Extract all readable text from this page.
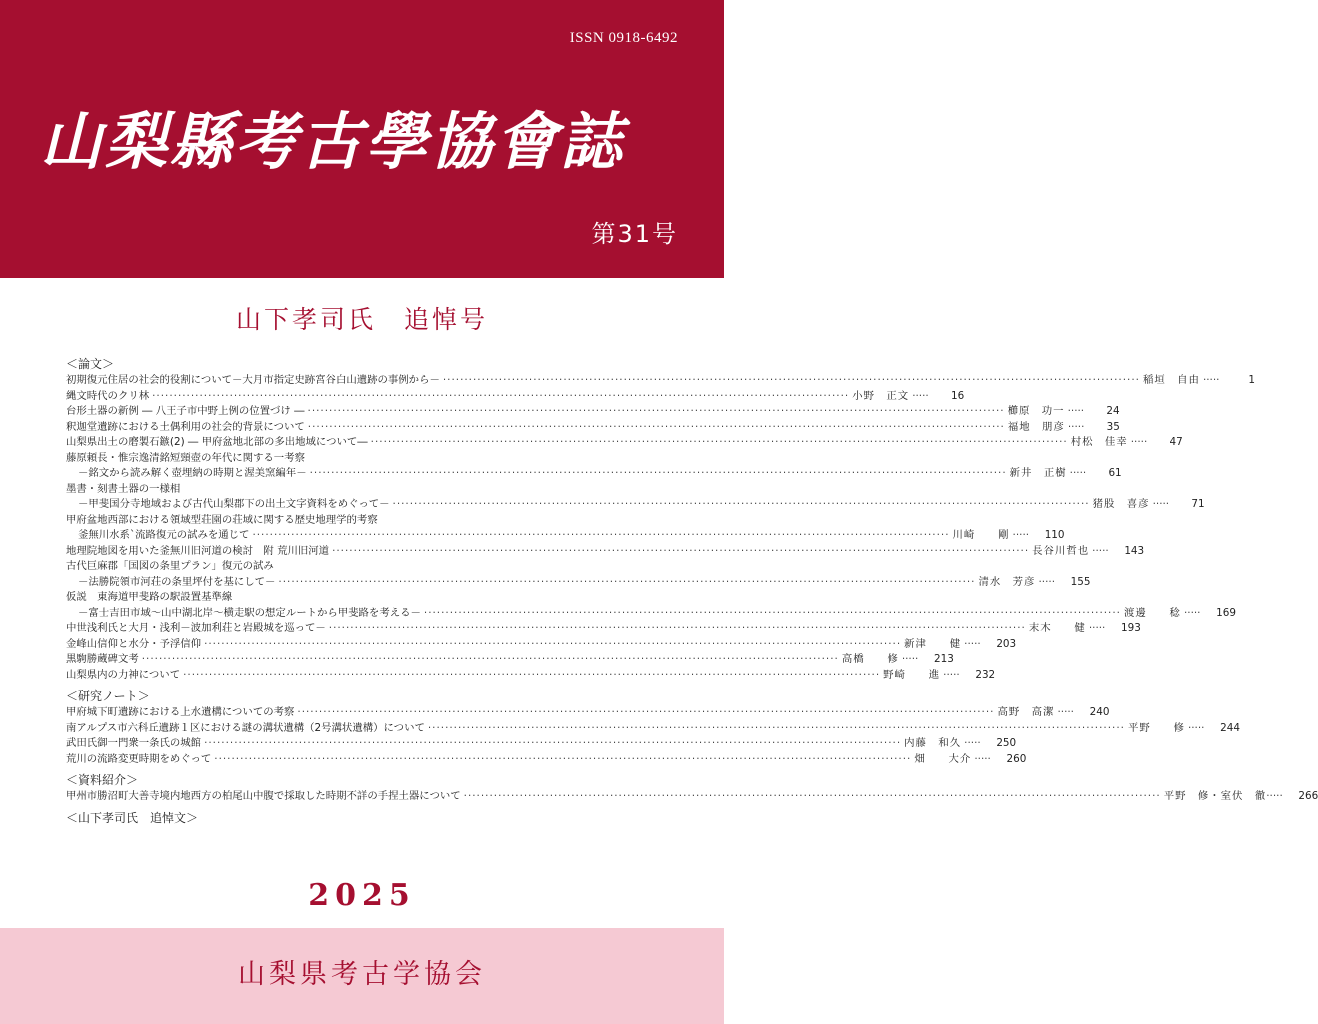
ISSN 0918-6492
山梨縣考古學協會誌
第31号
山下孝司氏　追悼号
＜論文＞
初期復元住居の社会的役割について－大月市指定史跡宮谷白山遺跡の事例から－ ·····	稲垣　自由 ·····	1
縄文時代のクリ林 ·····	小野　正文 ·····	16
台形土器の新例 ― 八王子市中野上例の位置づけ ― ·····	櫛原　功一 ·····	24
釈迦堂遺跡における土偶利用の社会的背景について ·····	福地　朋彦 ·····	35
山梨県出土の磨製石鏃(2) ― 甲府盆地北部の多出地域について― ·····	村松　佳幸 ·····	47
藤原頼長・惟宗逸清銘短頸壺の年代に関する一考察
－銘文から読み解く壺埋納の時期と渥美窯編年－ ·····	新井　正樹 ·····	61
墨書・刻書土器の一様相
－甲斐国分寺地域および古代山梨郡下の出土文字資料をめぐって－ ·····	猪股　喜彦 ·····	71
甲府盆地西部における領域型荘園の荘域に関する歴史地理学的考察
釜無川水系`流路復元の試みを通じて ·····	川崎　　剛 ·····	110
地理院地図を用いた釜無川旧河道の検討　附 荒川旧河道 ·····	長谷川哲也 ·····	143
古代巨麻郡「国図の条里プラン」復元の試み
－法勝院領市河荘の条里坪付を基にして－ ·····	清水　芳彦 ·····	155
仮説　東海道甲斐路の駅設置基準線
－富士吉田市域～山中湖北岸～横走駅の想定ルートから甲斐路を考える－ ·····	渡邊　　稔 ·····	169
中世浅利氏と大月・浅利－波加利荘と岩殿城を巡って－ ·····	末木　　健 ·····	193
金峰山信仰と水分・予浮信仰 ·····	新津　　健 ·····	203
黒駒勝蔵碑文考 ·····	高橋　　修 ·····	213
山梨県内の力神について ·····	野崎　　進 ·····	232
＜研究ノート＞
甲府城下町遺跡における上水遺構についての考察 ·····	高野　高潔 ·····	240
南アルプス市六科丘遺跡１区における謎の溝状遺構（2号溝状遺構）について ·····	平野　　修 ·····	244
武田氏御一門衆一条氏の城館 ·····	内藤　和久 ·····	250
荒川の流路変更時期をめぐって ·····	畑　　大介 ·····	260
＜資料紹介＞
甲州市勝沼町大善寺境内地西方の柏尾山中腹で採取した時期不詳の手捏土器について ·····	平野　修・室伏　徹 ·····	266
＜山下孝司氏　追悼文＞
2025
山梨県考古学協会
